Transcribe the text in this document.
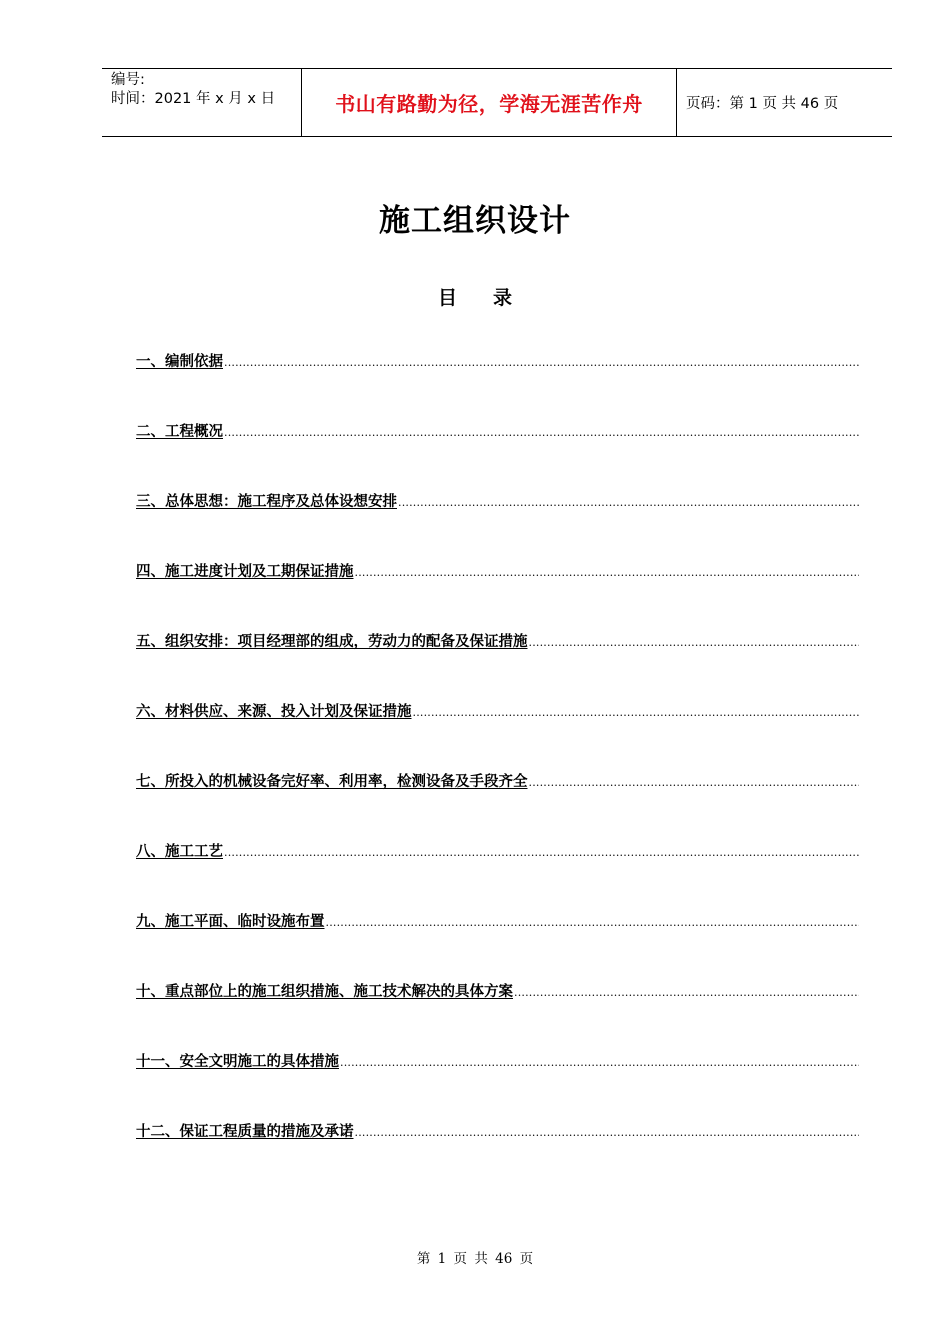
编号:
时间：2021 年 x 月 x 日	书山有路勤为径，学海无涯苦作舟	页码：第 1 页 共 46 页
施工组织设计
目 录
一、编制依据
.....
二、工程概况
.....
三、总体思想：施工程序及总体设想安排
.....
四、施工进度计划及工期保证措施
.....
五、组织安排：项目经理部的组成，劳动力的配备及保证措施
.....
六、材料供应、来源、投入计划及保证措施
.....
七、所投入的机械设备完好率、利用率，检测设备及手段齐全
.....
八、施工工艺
.....
九、施工平面、临时设施布置
.....
十、重点部位上的施工组织措施、施工技术解决的具体方案
.....
十一、安全文明施工的具体措施
.....
十二、保证工程质量的措施及承诺
.....
第 1 页 共 46 页
